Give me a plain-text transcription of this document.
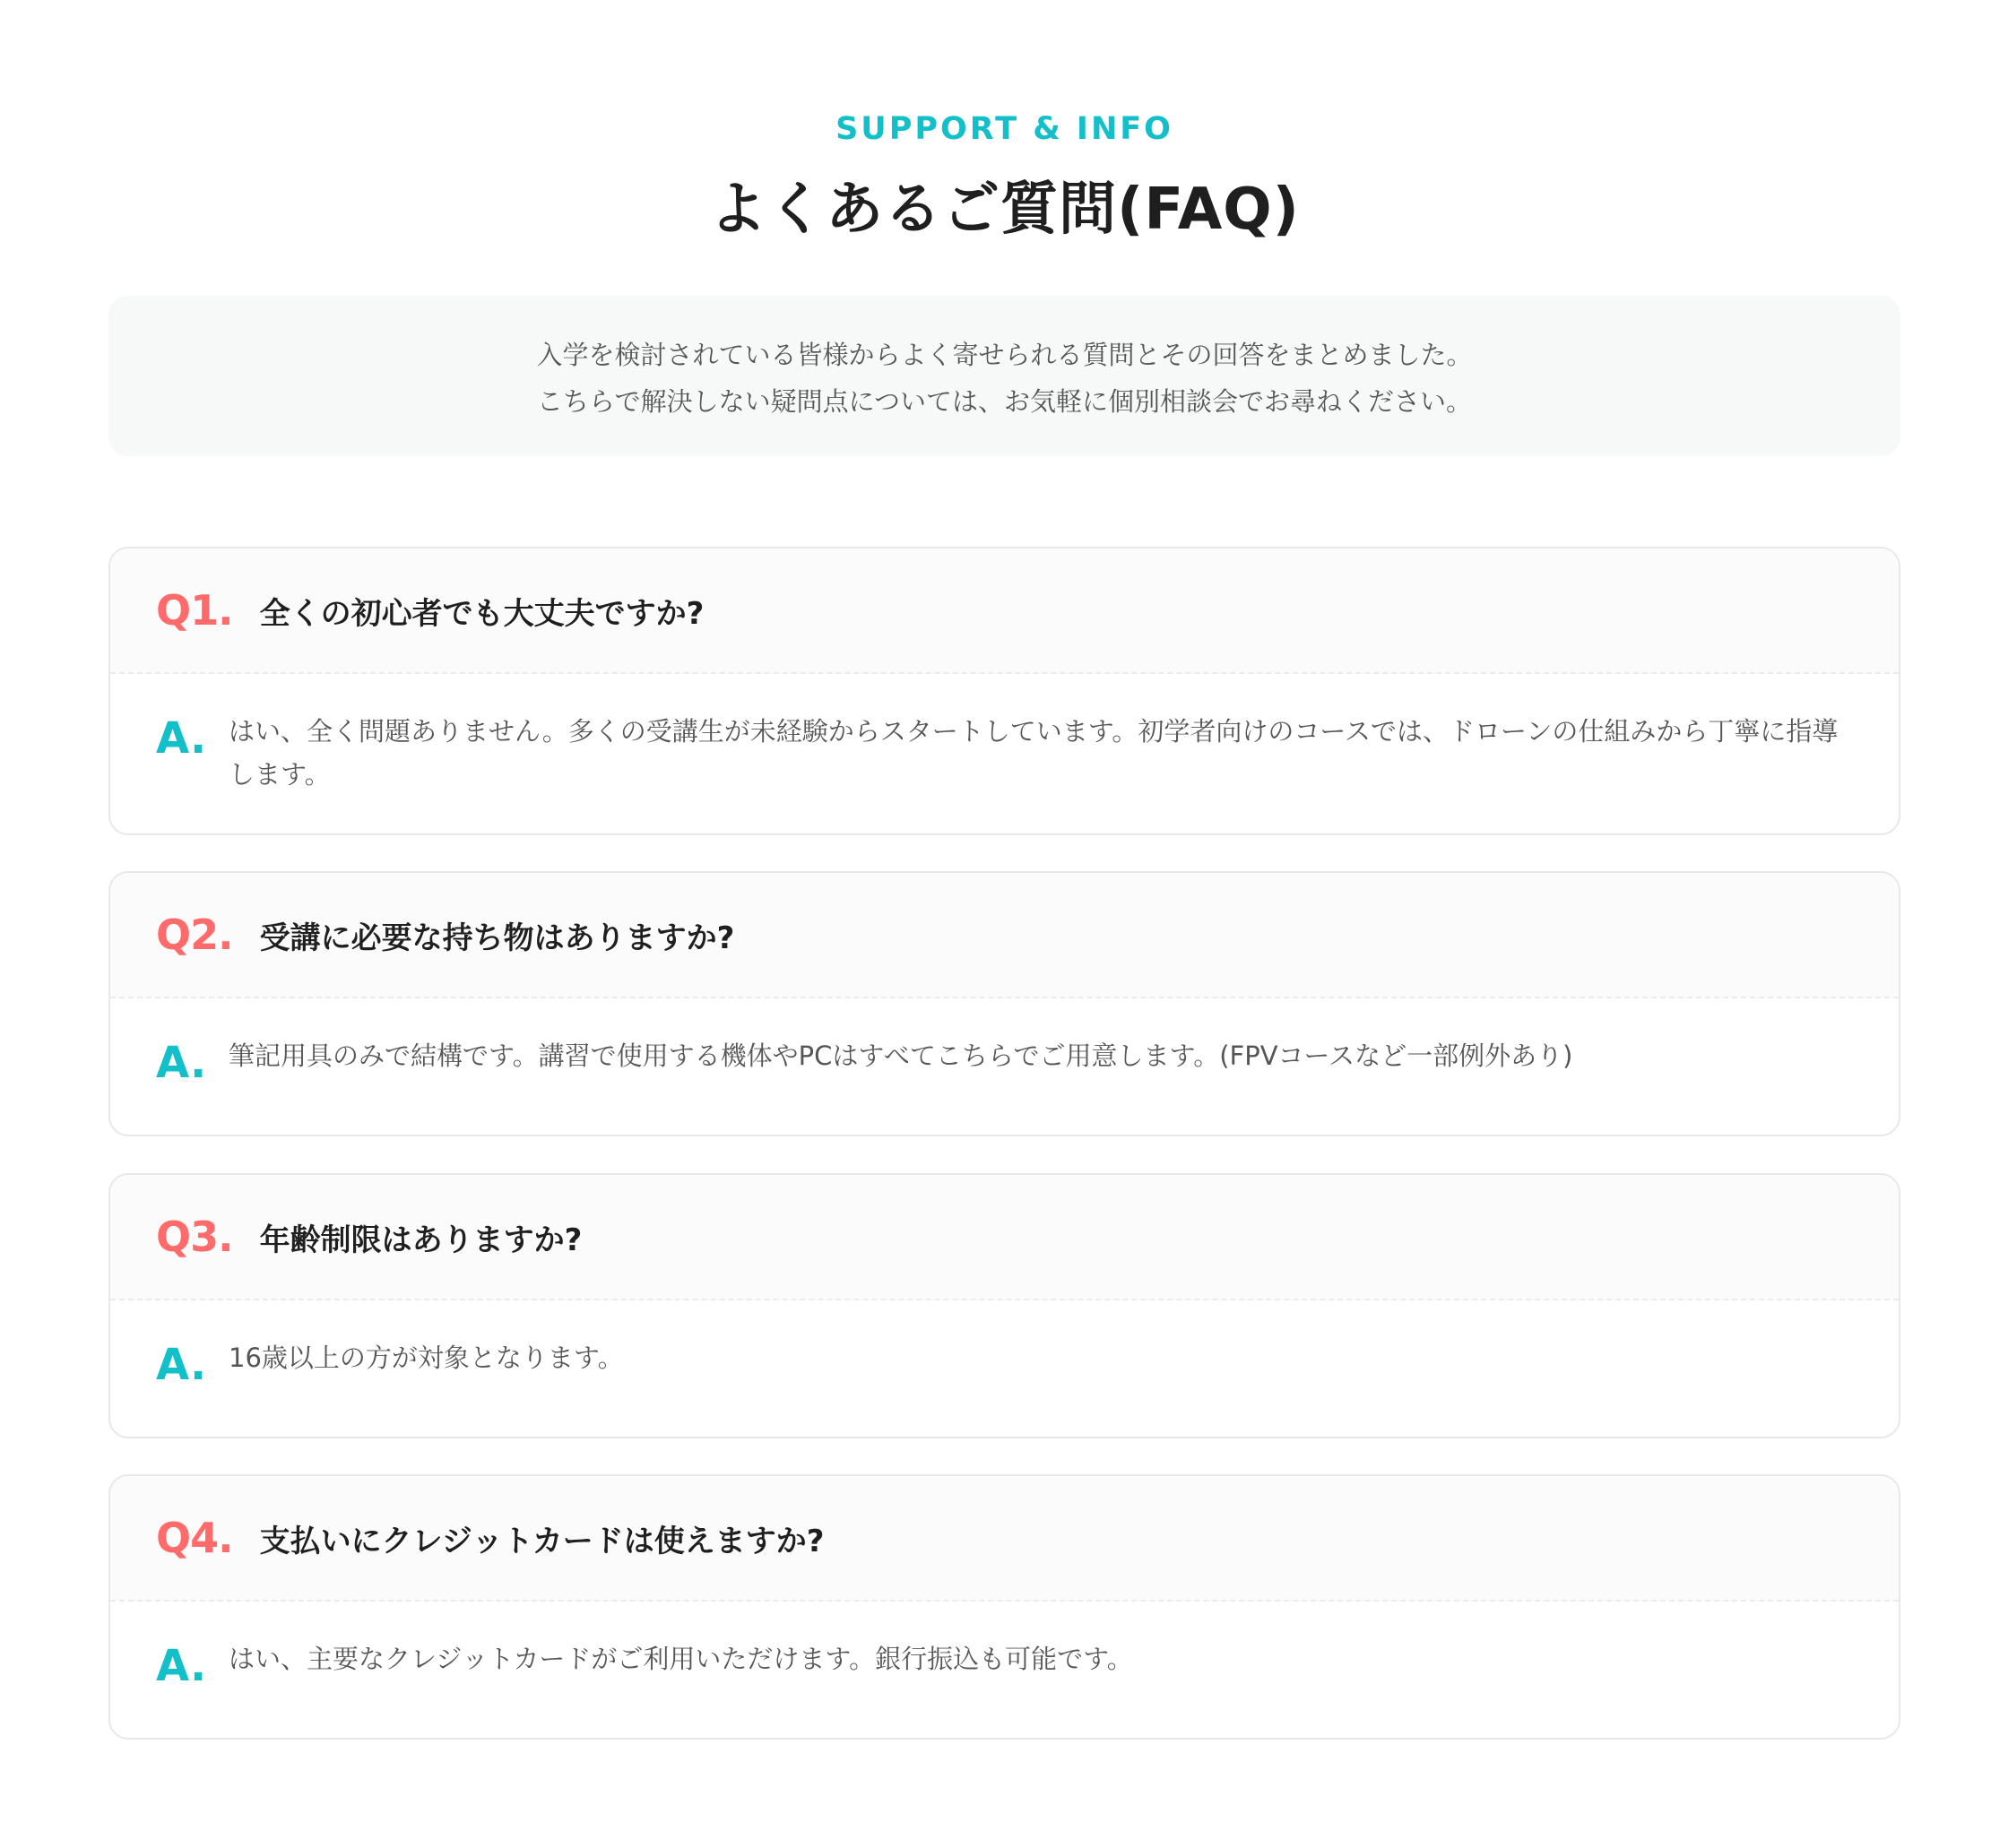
SUPPORT & INFO
よくあるご質問(FAQ)

入学を検討されている皆様からよく寄せられる質問とその回答をまとめました。

こちらで解決しない疑問点については、お気軽に個別相談会でお尋ねください。

Q1. 全くの初心者でも大丈夫ですか?
A. はい、全く問題ありません。多くの受講生が未経験からスタートしています。初学者向けのコースでは、ドローンの仕組みから丁寧に指導します。
Q2. 受講に必要な持ち物はありますか?
A. 筆記用具のみで結構です。講習で使用する機体やPCはすべてこちらでご用意します。(FPVコースなど一部例外あり)
Q3. 年齢制限はありますか?
A. 16歳以上の方が対象となります。
Q4. 支払いにクレジットカードは使えますか?
A. はい、主要なクレジットカードがご利用いただけます。銀行振込も可能です。
